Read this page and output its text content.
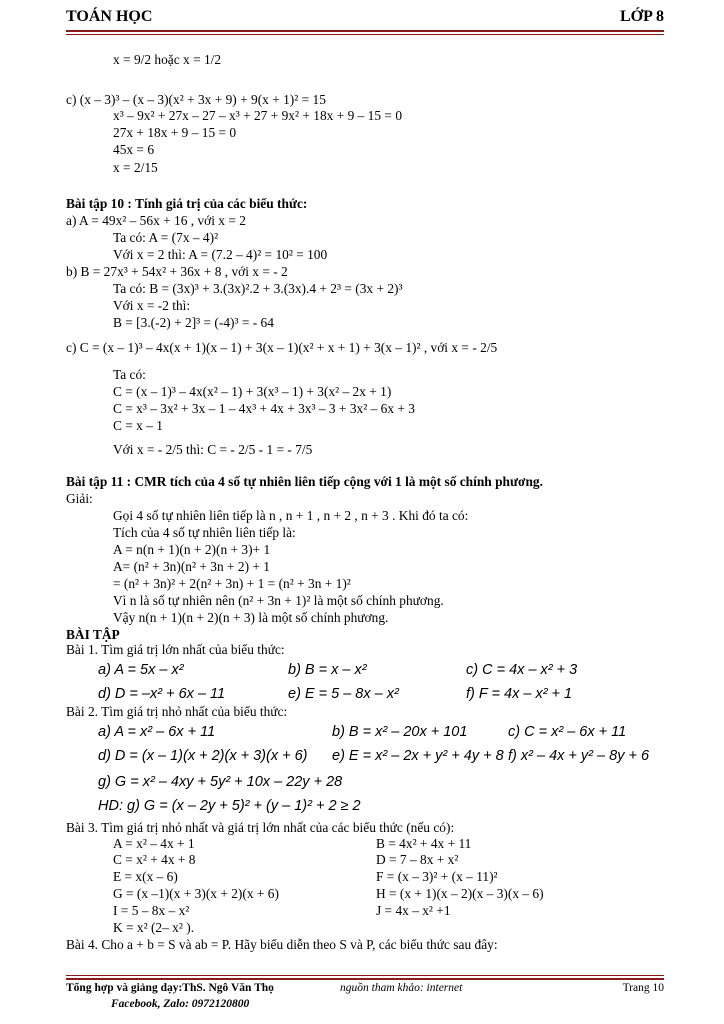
TOÁN HỌC	LỚP 8
x = 9/2 hoặc x = 1/2
c) (x – 3)³ – (x – 3)(x² + 3x + 9) + 9(x + 1)² = 15
x³ – 9x² + 27x – 27 – x³ + 27 + 9x² + 18x + 9 – 15 = 0
27x + 18x + 9 – 15 = 0
45x = 6
x = 2/15
Bài tập 10 : Tính giá trị của các biểu thức:
a) A = 49x² – 56x + 16 , với x = 2
Ta có: A = (7x – 4)²
Với x = 2 thì: A = (7.2 – 4)² = 10² = 100
b) B = 27x³ + 54x² + 36x + 8 , với x = - 2
Ta có: B = (3x)³ + 3.(3x)².2 + 3.(3x).4 + 2³ = (3x + 2)³
Với x = -2 thì:
B = [3.(-2) + 2]³ = (-4)³ = - 64
c) C = (x – 1)³ – 4x(x + 1)(x – 1) + 3(x – 1)(x² + x + 1) + 3(x – 1)² , với x = - 2/5
Ta có:
C = (x – 1)³ – 4x(x² – 1) + 3(x³ – 1) + 3(x² – 2x + 1)
C = x³ – 3x² + 3x – 1 – 4x³ + 4x + 3x³ – 3 + 3x² – 6x + 3
C = x – 1
Với x = - 2/5 thì: C = - 2/5 - 1 = - 7/5
Bài tập 11 : CMR tích của 4 số tự nhiên liên tiếp cộng với 1 là một số chính phương.
Giải:
Gọi 4 số tự nhiên liên tiếp là n , n + 1 , n + 2 , n + 3 . Khi đó ta có:
Tích của 4 số tự nhiên liên tiếp là:
A = n(n + 1)(n + 2)(n + 3)+ 1
A= (n² + 3n)(n² + 3n + 2) + 1
= (n² + 3n)² + 2(n² + 3n) + 1 = (n² + 3n + 1)²
Vì n là số tự nhiên nên (n² + 3n + 1)² là một số chính phương.
Vậy n(n + 1)(n + 2)(n + 3) là một số chính phương.
BÀI TẬP
Bài 1. Tìm giá trị lớn nhất của biểu thức:
a) A = 5x – x²	b) B = x – x²	c) C = 4x – x² + 3
d) D = –x² + 6x – 11	e) E = 5 – 8x – x²	f) F = 4x – x² + 1
Bài 2. Tìm giá trị nhỏ nhất của biểu thức:
a) A = x² – 6x + 11	b) B = x² – 20x + 101	c) C = x² – 6x + 11
d) D = (x – 1)(x + 2)(x + 3)(x + 6) e) E = x² – 2x + y² + 4y + 8 f) x² – 4x + y² – 8y + 6
g) G = x² – 4xy + 5y² + 10x – 22y + 28
HD: g) G = (x – 2y + 5)² + (y – 1)² + 2 ≥ 2
Bài 3. Tìm giá trị nhỏ nhất và giá trị lớn nhất của các biểu thức (nếu có):
A = x² – 4x + 1	B = 4x² + 4x + 11
C = x² + 4x + 8	D = 7 – 8x + x²
E = x(x – 6)	F = (x – 3)² + (x – 11)²
G = (x –1)(x + 3)(x + 2)(x + 6)	H = (x + 1)(x – 2)(x – 3)(x – 6)
I = 5 – 8x – x²	J = 4x – x² +1
K = x² (2– x² ).
Bài 4. Cho a + b = S và ab = P. Hãy biểu diễn theo S và P, các biểu thức sau đây:
Tổng hợp và giảng dạy:ThS. Ngô Văn Thọ
Facebook, Zalo: 0972120800
nguồn tham khảo: internet	Trang 10
